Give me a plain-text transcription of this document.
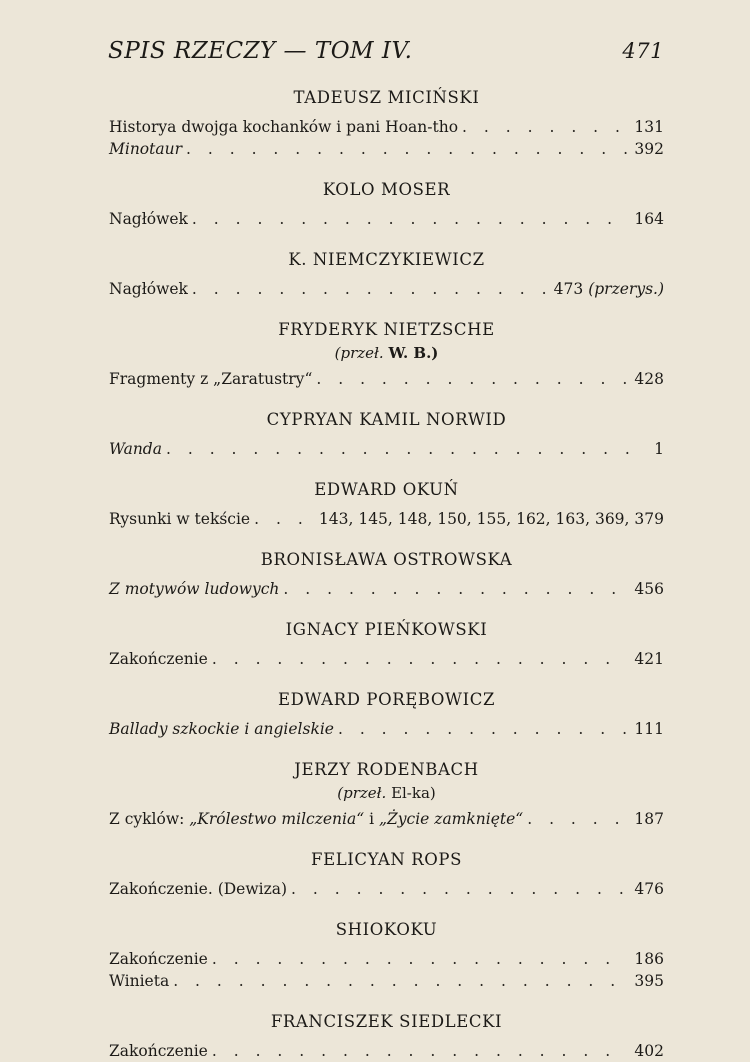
SPIS RZECZY — TOM IV.	471
TADEUSZ MICIŃSKI
Historya dwojga kochanków i pani Hoan-tho . . .	131
Minotaur . . .	392
KOLO MOSER
Nagłówek . . .	164
K. NIEMCZYKIEWICZ
Nagłówek . . .	473 (przerys.)
FRYDERYK NIETZSCHE
(przeł. W. B.)
Fragmenty z „Zaratustry“ . . .	428
CYPRYAN KAMIL NORWID
Wanda . . .	1
EDWARD OKUŃ
Rysunki w tekście . . .	143, 145, 148, 150, 155, 162, 163, 369, 379
BRONISŁAWA OSTROWSKA
Z motywów ludowych . . .	456
IGNACY PIEŃKOWSKI
Zakończenie . . .	421
EDWARD PORĘBOWICZ
Ballady szkockie i angielskie . . .	111
JERZY RODENBACH
(przeł. El-ka)
Z cyklów: „Królestwo milczenia“ i „Życie zamknięte“ . . .	187
FELICYAN ROPS
Zakończenie. (Dewiza) . . .	476
SHIOKOKU
Zakończenie . . .	186
Winieta . . .	395
FRANCISZEK SIEDLECKI
Zakończenie . . .	402
